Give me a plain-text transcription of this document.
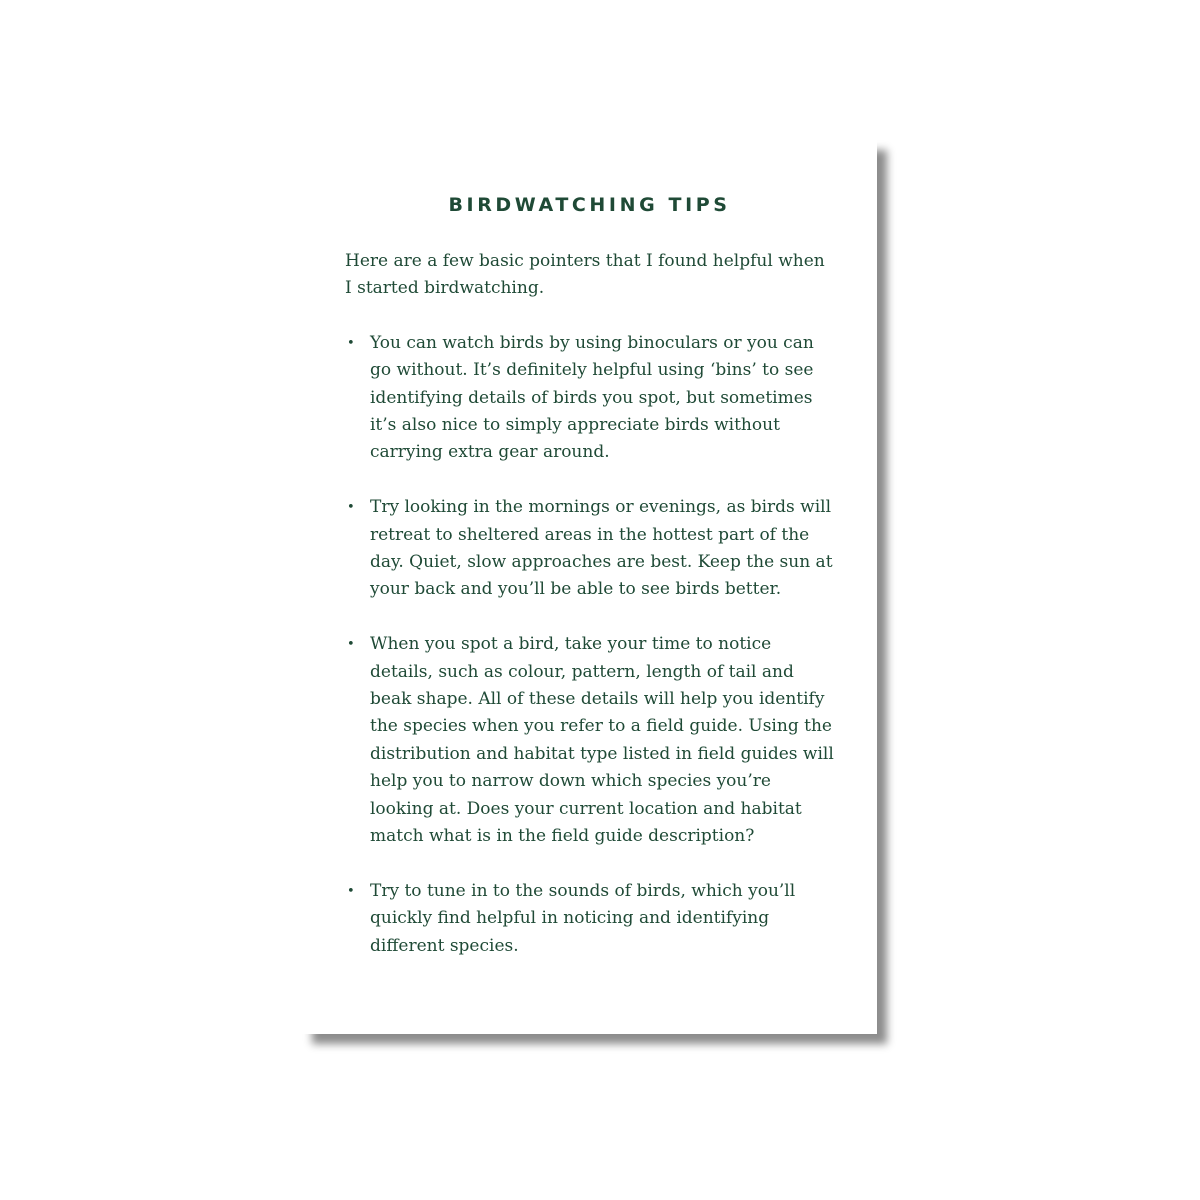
BIRDWATCHING TIPS

Here are a few basic pointers that I found helpful when I started birdwatching.

• You can watch birds by using binoculars or you can go without. It’s definitely helpful using ‘bins’ to see identifying details of birds you spot, but sometimes it’s also nice to simply appreciate birds without carrying extra gear around.
• Try looking in the mornings or evenings, as birds will retreat to sheltered areas in the hottest part of the day. Quiet, slow approaches are best. Keep the sun at your back and you’ll be able to see birds better.
• When you spot a bird, take your time to notice details, such as colour, pattern, length of tail and beak shape. All of these details will help you identify the species when you refer to a field guide. Using the distribution and habitat type listed in field guides will help you to narrow down which species you’re looking at. Does your current location and habitat match what is in the field guide description?
• Try to tune in to the sounds of birds, which you’ll quickly find helpful in noticing and identifying different species.
